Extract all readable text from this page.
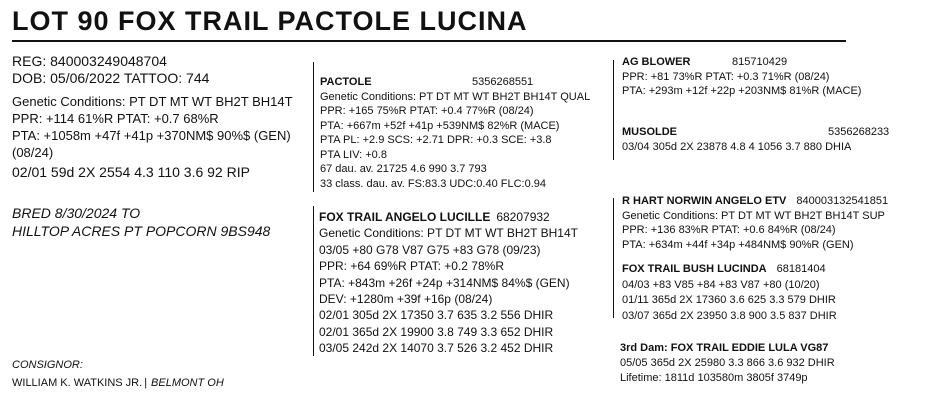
LOT 90 FOX TRAIL PACTOLE LUCINA
REG: 840003249048704
DOB: 05/06/2022 TATTOO: 744
Genetic Conditions: PT DT MT WT BH2T BH14T
PPR: +114 61%R PTAT: +0.7 68%R
PTA: +1058m +47f +41p +370NM$ 90%$ (GEN)
(08/24)
02/01 59d 2X 2554 4.3 110 3.6 92 RIP
BRED 8/30/2024 TO
HILLTOP ACRES PT POPCORN 9BS948
CONSIGNOR:
WILLIAM K. WATKINS JR. | BELMONT OH
PACTOLE	5356268551
Genetic Conditions: PT DT MT WT BH2T BH14T QUAL
PPR: +165 75%R PTAT: +0.4 77%R (08/24)
PTA: +667m +52f +41p +539NM$ 82%R (MACE)
PTA PL: +2.9 SCS: +2.71 DPR: +0.3 SCE: +3.8
PTA LIV: +0.8
67 dau. av. 21725 4.6 990 3.7 793
33 class. dau. av. FS:83.3 UDC:0.40 FLC:0.94
FOX TRAIL ANGELO LUCILLE 68207932
Genetic Conditions: PT DT MT WT BH2T BH14T
03/05 +80 G78 V87 G75 +83 G78 (09/23)
PPR: +64 69%R PTAT: +0.2 78%R
PTA: +843m +26f +24p +314NM$ 84%$ (GEN)
DEV: +1280m +39f +16p (08/24)
02/01 305d 2X 17350 3.7 635 3.2 556 DHIR
02/01 365d 2X 19900 3.8 749 3.3 652 DHIR
03/05 242d 2X 14070 3.7 526 3.2 452 DHIR
AG BLOWER	815710429
PPR: +81 73%R PTAT: +0.3 71%R (08/24)
PTA: +293m +12f +22p +203NM$ 81%R (MACE)
MUSOLDE	5356268233
03/04 305d 2X 23878 4.8 4 1056 3.7 880 DHIA
R HART NORWIN ANGELO ETV 840003132541851
Genetic Conditions: PT DT MT WT BH2T BH14T SUP
PPR: +136 83%R PTAT: +0.6 84%R (08/24)
PTA: +634m +44f +34p +484NM$ 90%R (GEN)
FOX TRAIL BUSH LUCINDA 68181404
04/03 +83 V85 +84 +83 V87 +80 (10/20)
01/11 365d 2X 17360 3.6 625 3.3 579 DHIR
03/07 365d 2X 23950 3.8 900 3.5 837 DHIR
3rd Dam: FOX TRAIL EDDIE LULA VG87
05/05 365d 2X 25980 3.3 866 3.6 932 DHIR
Lifetime: 1811d 103580m 3805f 3749p
